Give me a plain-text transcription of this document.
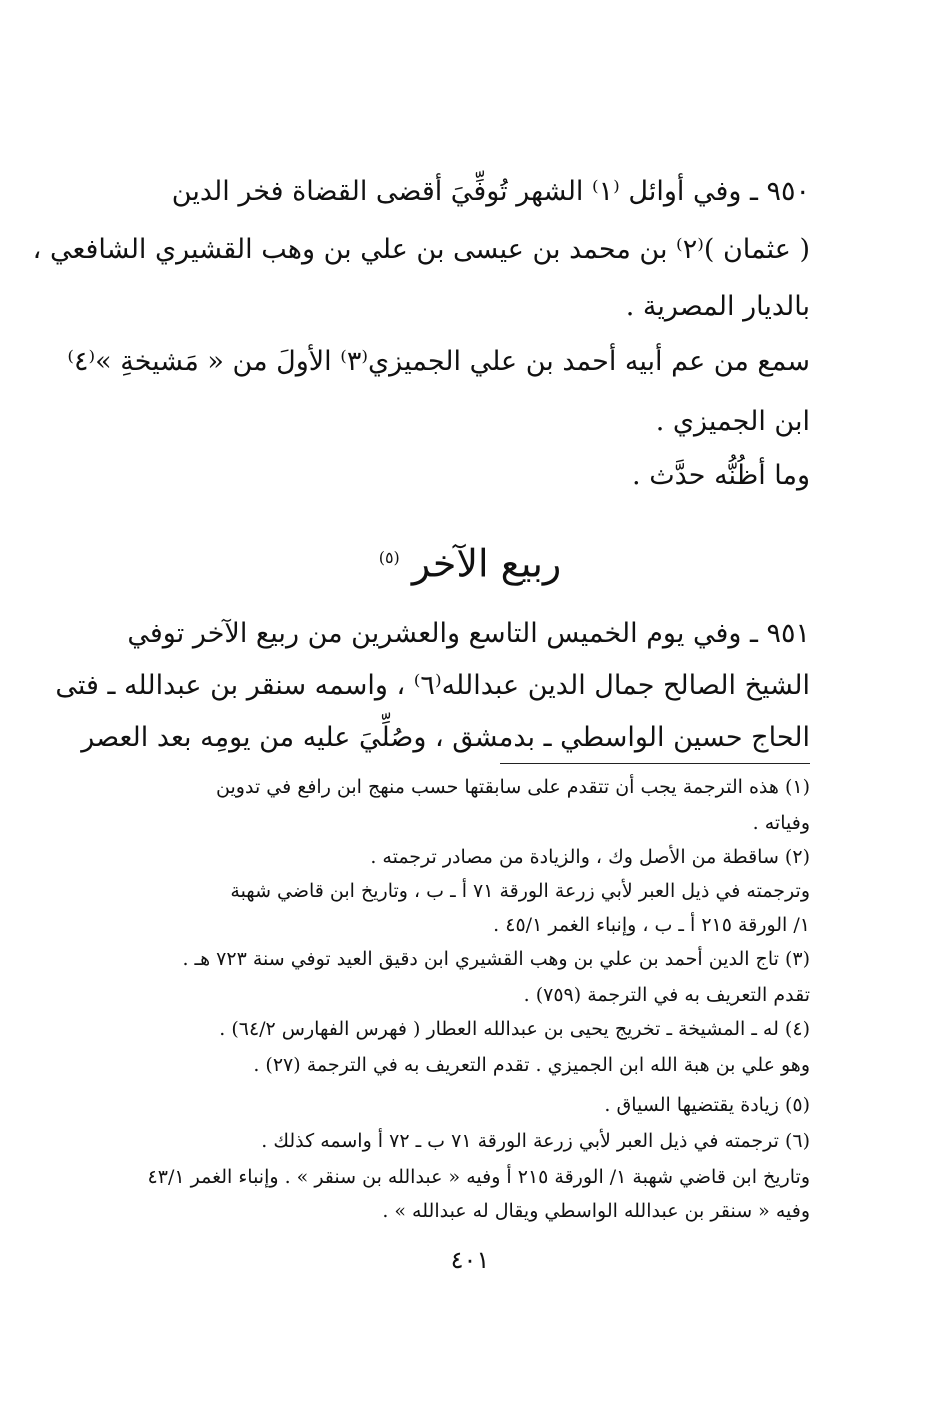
٩٥٠ ـ وفي أوائل ⁽١⁾ الشهر تُوفِّيَ أقضى القضاة فخر الدين
( عثمان )⁽٢⁾ بن محمد بن عيسى بن علي بن وهب القشيري الشافعي ،
بالديار المصرية .
سمع من عم أبيه أحمد بن علي الجميزي⁽٣⁾ الأولَ من « مَشيخةِ »⁽٤⁾
ابن الجميزي .
وما أظُنُّه حدَّث .
ربيع الآخر $^{(٥)}$
٩٥١ ـ وفي يوم الخميس التاسع والعشرين من ربيع الآخر توفي
الشيخ الصالح جمال الدين عبدالله⁽٦⁾ ، واسمه سنقر بن عبدالله ـ فتى
الحاج حسين الواسطي ـ بدمشق ، وصُلِّيَ عليه من يومِه بعد العصر
(١) هذه الترجمة يجب أن تتقدم على سابقتها حسب منهج ابن رافع في تدوين
وفياته .
(٢) ساقطة من الأصل وك ، والزيادة من مصادر ترجمته .
وترجمته في ذيل العبر لأبي زرعة الورقة ٧١ أ ـ ب ، وتاريخ ابن قاضي شهبة
١/ الورقة ٢١٥ أ ـ ب ، وإنباء الغمر ٤٥/١ .
(٣) تاج الدين أحمد بن علي بن وهب القشيري ابن دقيق العيد توفي سنة ٧٢٣ هـ .
تقدم التعريف به في الترجمة (٧٥٩) .
(٤) له ـ المشيخة ـ تخريج يحيى بن عبدالله العطار ( فهرس الفهارس ٦٤/٢) .
وهو علي بن هبة الله ابن الجميزي . تقدم التعريف به في الترجمة (٢٧) .
(٥) زيادة يقتضيها السياق .
(٦) ترجمته في ذيل العبر لأبي زرعة الورقة ٧١ ب ـ ٧٢ أ واسمه كذلك .
وتاريخ ابن قاضي شهبة ١/ الورقة ٢١٥ أ وفيه « عبدالله بن سنقر » . وإنباء الغمر ٤٣/١
وفيه « سنقر بن عبدالله الواسطي ويقال له عبدالله » .
٤٠١
